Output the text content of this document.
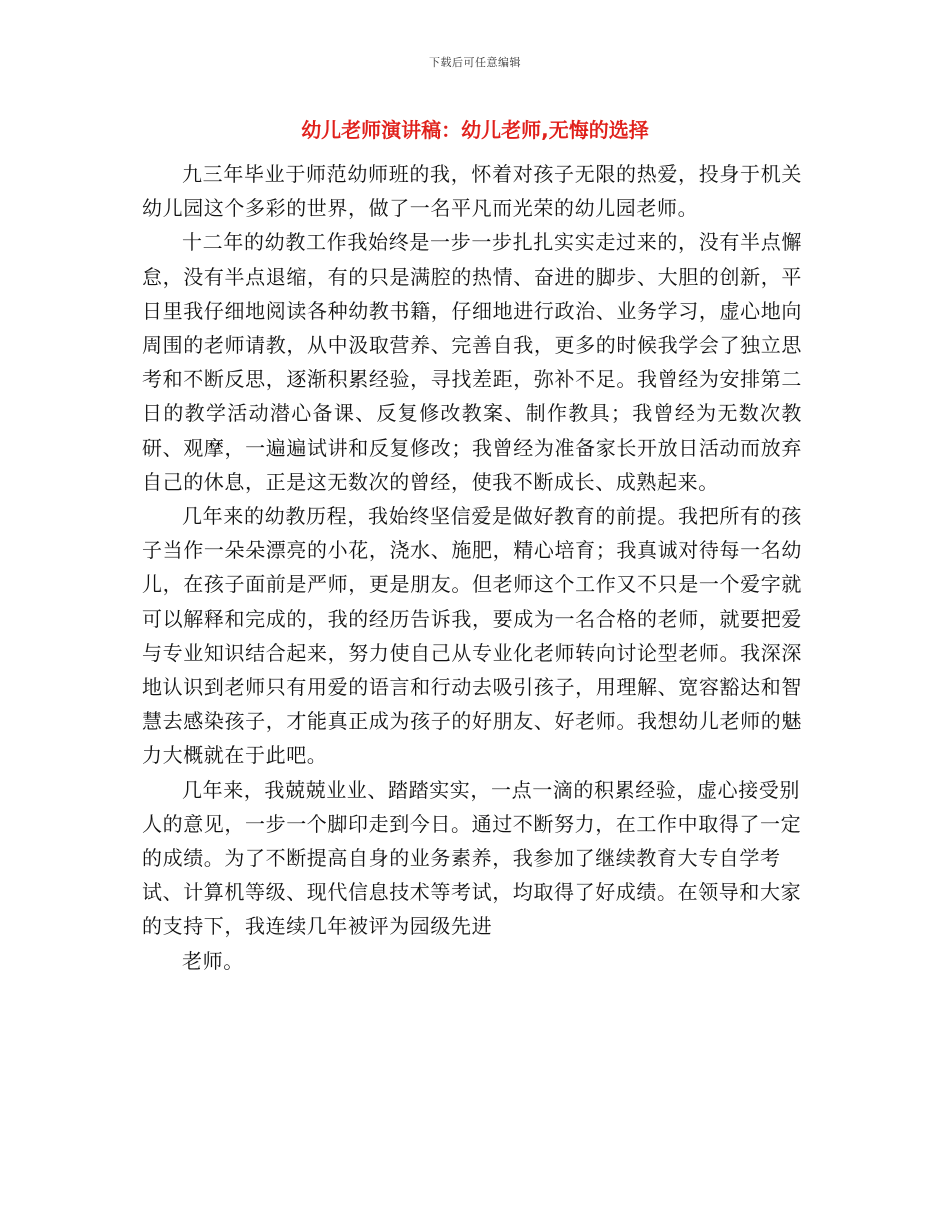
下载后可任意编辑
幼儿老师演讲稿：幼儿老师,无悔的选择

九三年毕业于师范幼师班的我，怀着对孩子无限的热爱，投身于机关幼儿园这个多彩的世界，做了一名平凡而光荣的幼儿园老师。

十二年的幼教工作我始终是一步一步扎扎实实走过来的，没有半点懈怠，没有半点退缩，有的只是满腔的热情、奋进的脚步、大胆的创新，平日里我仔细地阅读各种幼教书籍，仔细地进行政治、业务学习，虚心地向周围的老师请教，从中汲取营养、完善自我，更多的时候我学会了独立思考和不断反思，逐渐积累经验，寻找差距，弥补不足。我曾经为安排第二日的教学活动潜心备课、反复修改教案、制作教具；我曾经为无数次教研、观摩，一遍遍试讲和反复修改；我曾经为准备家长开放日活动而放弃自己的休息，正是这无数次的曾经，使我不断成长、成熟起来。

几年来的幼教历程，我始终坚信爱是做好教育的前提。我把所有的孩子当作一朵朵漂亮的小花，浇水、施肥，精心培育；我真诚对待每一名幼儿，在孩子面前是严师，更是朋友。但老师这个工作又不只是一个爱字就可以解释和完成的，我的经历告诉我，要成为一名合格的老师，就要把爱与专业知识结合起来，努力使自己从专业化老师转向讨论型老师。我深深地认识到老师只有用爱的语言和行动去吸引孩子，用理解、宽容豁达和智慧去感染孩子，才能真正成为孩子的好朋友、好老师。我想幼儿老师的魅力大概就在于此吧。

几年来，我兢兢业业、踏踏实实，一点一滴的积累经验，虚心接受别人的意见，一步一个脚印走到今日。通过不断努力，在工作中取得了一定的成绩。为了不断提高自身的业务素养，我参加了继续教育大专自学考试、计算机等级、现代信息技术等考试，均取得了好成绩。在领导和大家的支持下，我连续几年被评为园级先进

老师。
